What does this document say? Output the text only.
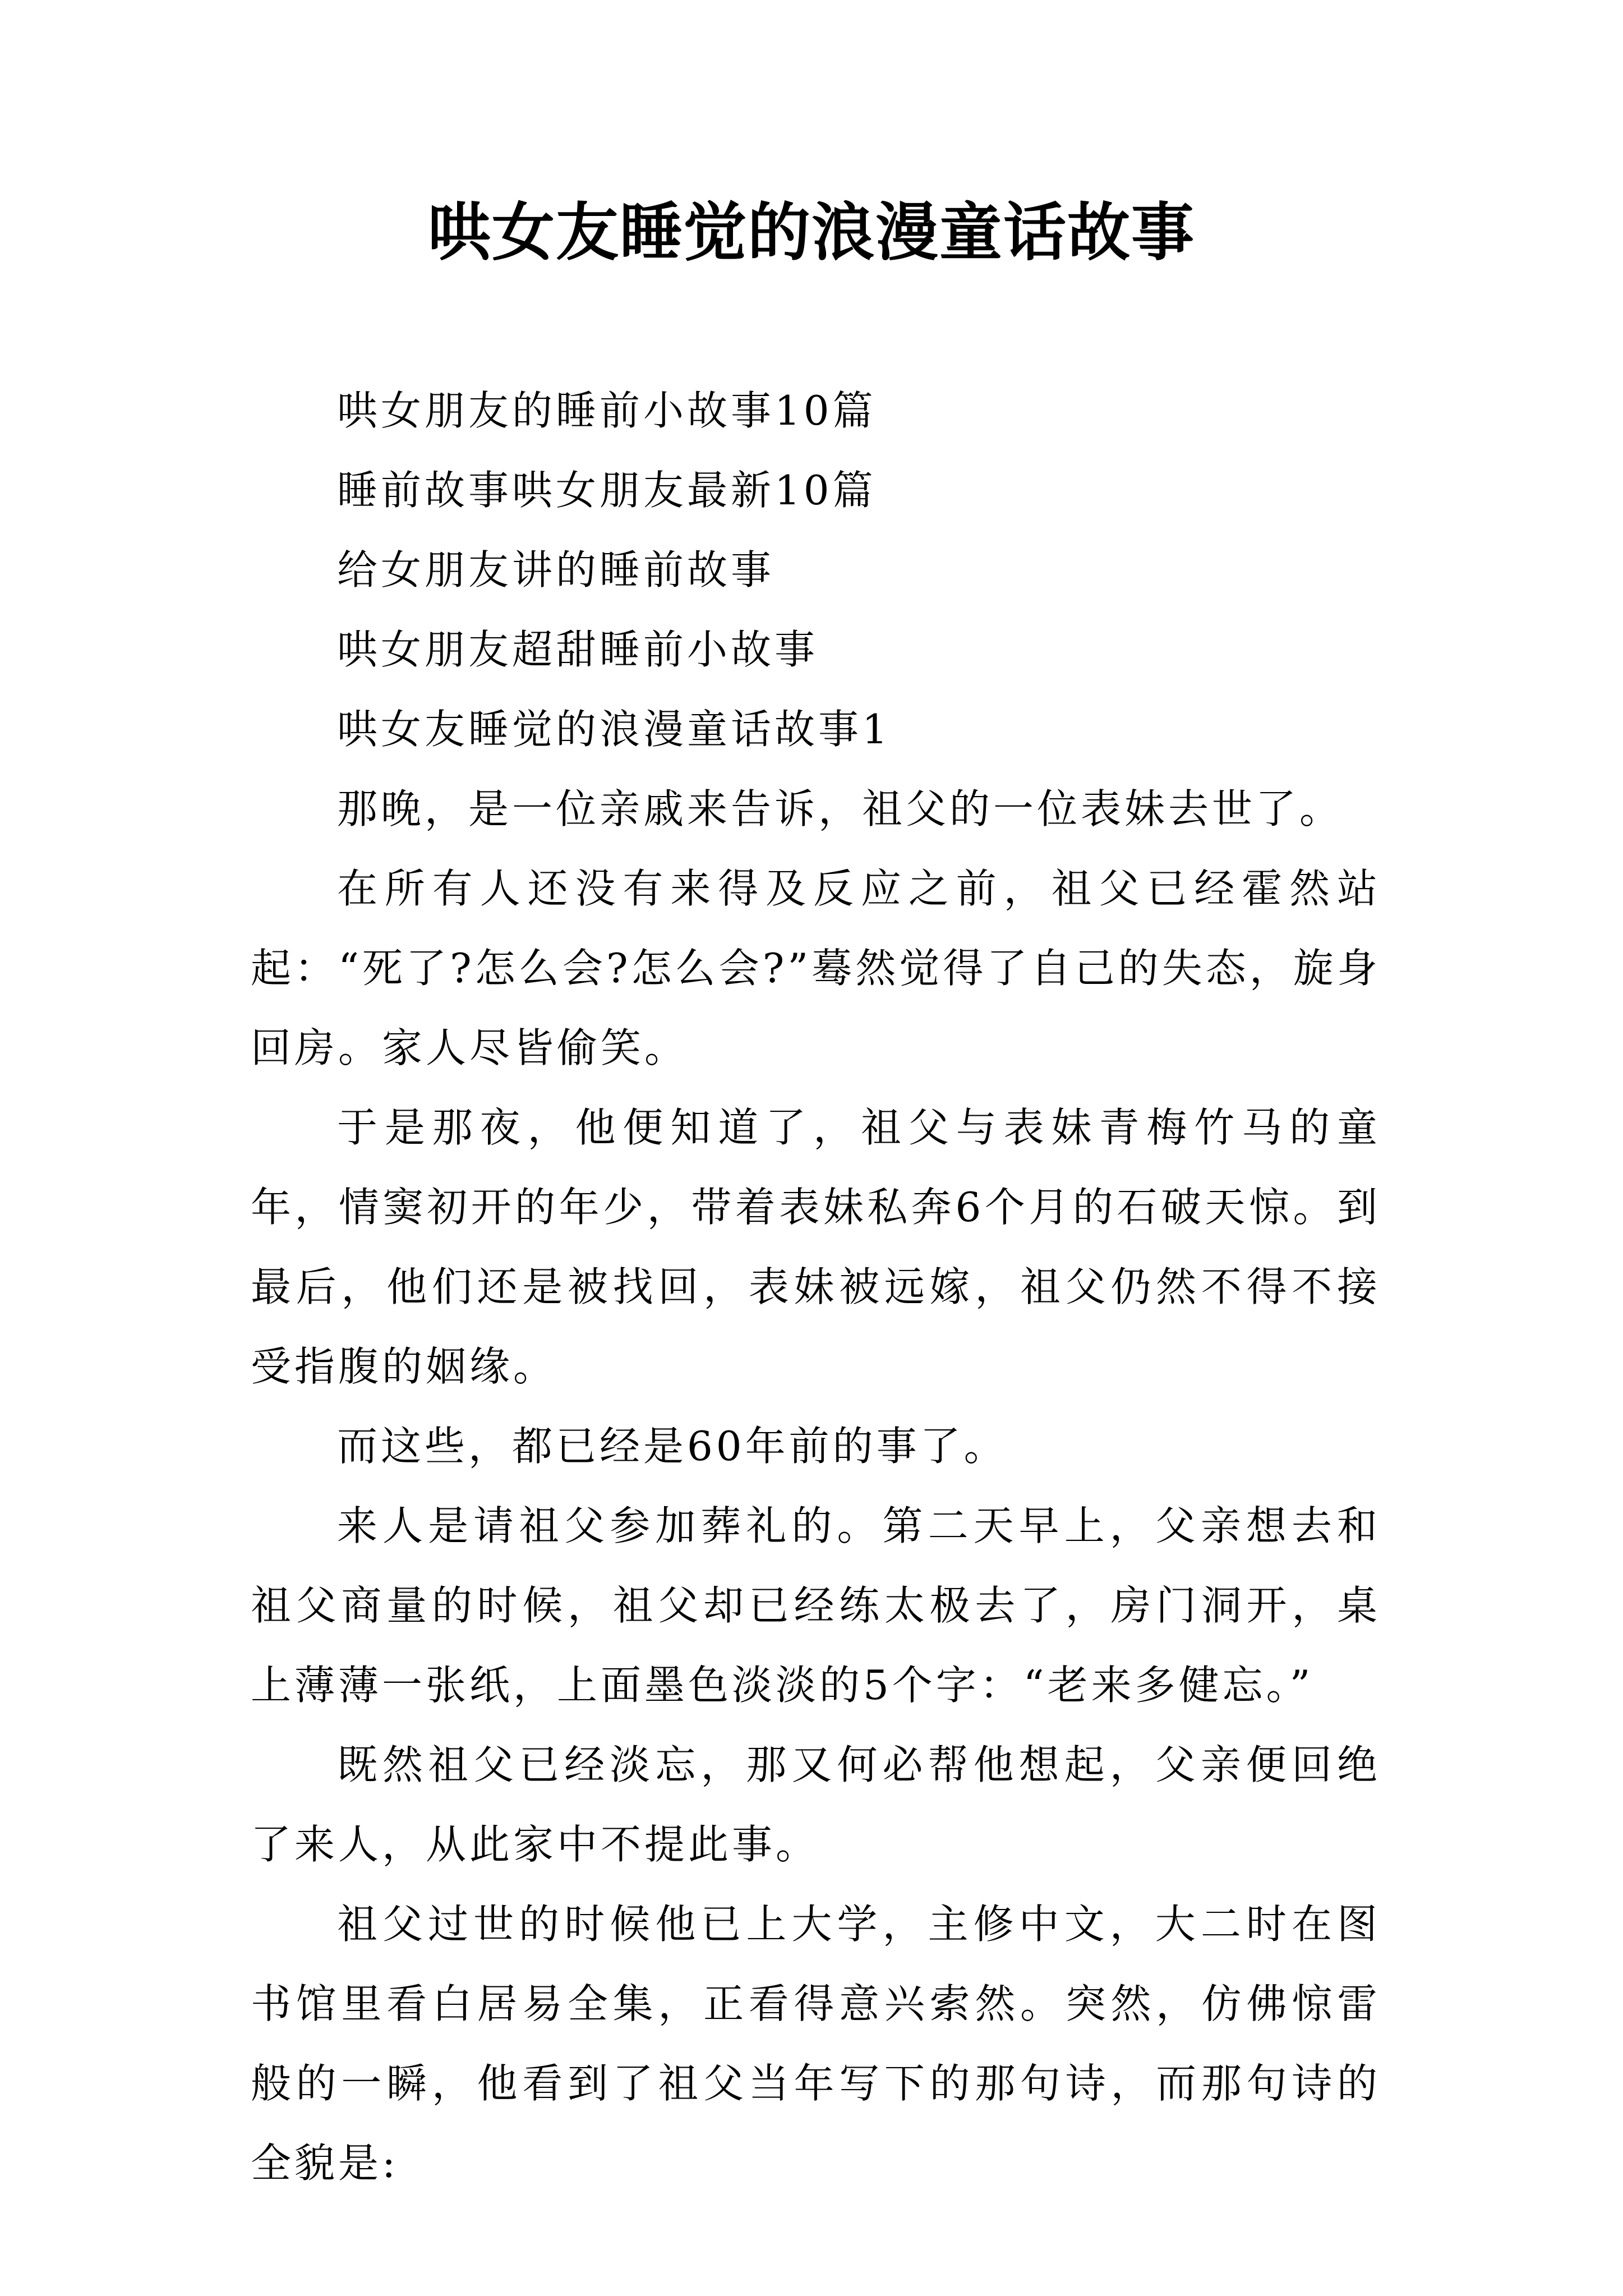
哄女友睡觉的浪漫童话故事

哄女朋友的睡前小故事10篇

睡前故事哄女朋友最新10篇

给女朋友讲的睡前故事

哄女朋友超甜睡前小故事

哄女友睡觉的浪漫童话故事1

那晚，是一位亲戚来告诉，祖父的一位表妹去世了。

在所有人还没有来得及反应之前，祖父已经霍然站起：“死了?怎么会?怎么会?”蓦然觉得了自己的失态，旋身回房。家人尽皆偷笑。

于是那夜，他便知道了，祖父与表妹青梅竹马的童年，情窦初开的年少，带着表妹私奔6个月的石破天惊。到最后，他们还是被找回，表妹被远嫁，祖父仍然不得不接受指腹的姻缘。

而这些，都已经是60年前的事了。

来人是请祖父参加葬礼的。第二天早上，父亲想去和祖父商量的时候，祖父却已经练太极去了，房门洞开，桌上薄薄一张纸，上面墨色淡淡的5个字：“老来多健忘。”

既然祖父已经淡忘，那又何必帮他想起，父亲便回绝了来人，从此家中不提此事。

祖父过世的时候他已上大学，主修中文，大二时在图书馆里看白居易全集，正看得意兴索然。突然，仿佛惊雷般的一瞬，他看到了祖父当年写下的那句诗，而那句诗的全貌是:
